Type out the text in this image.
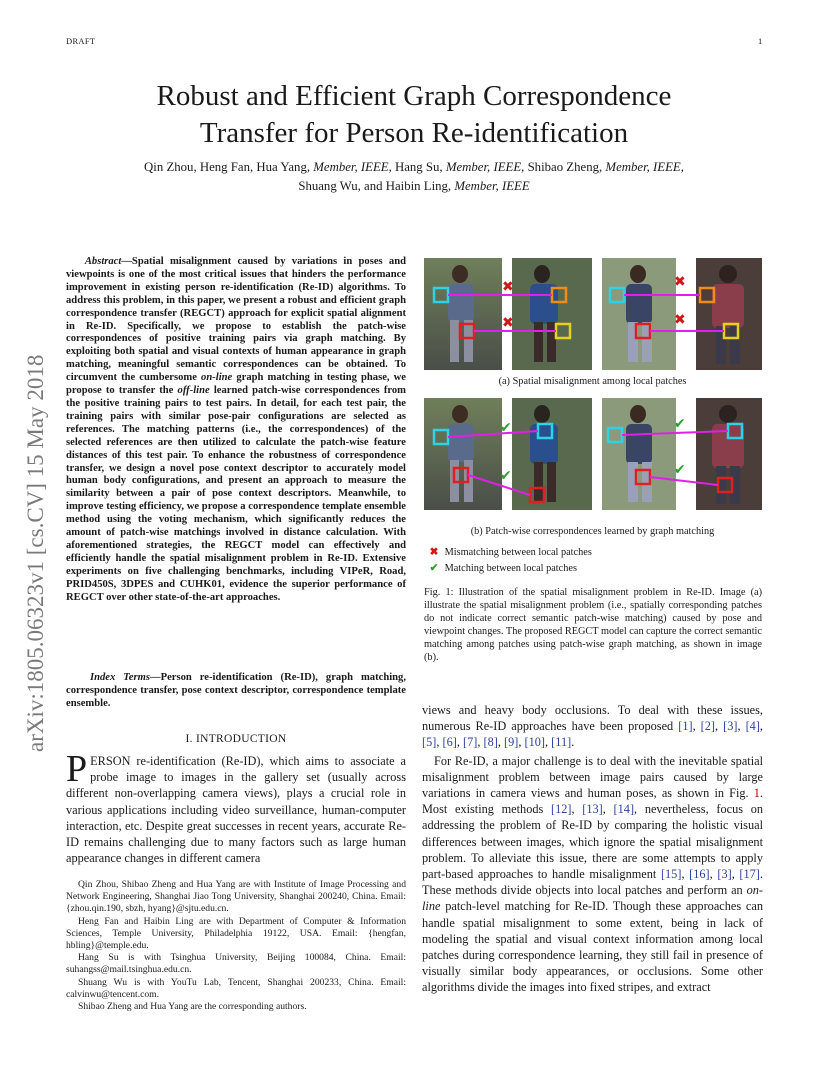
DRAFT	1
arXiv:1805.06323v1 [cs.CV] 15 May 2018
Robust and Efficient Graph Correspondence
Transfer for Person Re-identification
Qin Zhou, Heng Fan, Hua Yang, Member, IEEE, Hang Su, Member, IEEE, Shibao Zheng, Member, IEEE,
Shuang Wu, and Haibin Ling, Member, IEEE
Abstract—Spatial misalignment caused by variations in poses and viewpoints is one of the most critical issues that hinders the performance improvement in existing person re-identification (Re-ID) algorithms. To address this problem, in this paper, we present a robust and efficient graph correspondence transfer (REGCT) approach for explicit spatial alignment in Re-ID. Specifically, we propose to establish the patch-wise correspondences of positive training pairs via graph matching. By exploiting both spatial and visual contexts of human appearance in graph matching, meaningful semantic correspondences can be obtained. To circumvent the cumbersome on-line graph matching in testing phase, we propose to transfer the off-line learned patch-wise correspondences from the positive training pairs to test pairs. In detail, for each test pair, the training pairs with similar pose-pair configurations are selected as references. The matching patterns (i.e., the correspondences) of the selected references are then utilized to calculate the patch-wise feature distances of this test pair. To enhance the robustness of correspondence transfer, we design a novel pose context descriptor to accurately model human body configurations, and present an approach to measure the similarity between a pair of pose context descriptors. Meanwhile, to improve testing efficiency, we propose a correspondence template ensemble method using the voting mechanism, which significantly reduces the amount of patch-wise matchings involved in distance calculation. With aforementioned strategies, the REGCT model can effectively and efficiently handle the spatial misalignment problem in Re-ID. Extensive experiments on five challenging benchmarks, including VIPeR, Road, PRID450S, 3DPES and CUHK01, evidence the superior performance of REGCT over other state-of-the-art approaches.
Index Terms—Person re-identification (Re-ID), graph matching, correspondence transfer, pose context descriptor, correspondence template ensemble.
I. INTRODUCTION
PERSON re-identification (Re-ID), which aims to associate a probe image to images in the gallery set (usually across different non-overlapping camera views), plays a crucial role in various applications including video surveillance, human-computer interaction, etc. Despite great successes in recent years, accurate Re-ID remains challenging due to many factors such as large human appearance changes in different camera

Qin Zhou, Shibao Zheng and Hua Yang are with Institute of Image Processing and Network Engineering, Shanghai Jiao Tong University, Shanghai 200240, China. Email: {zhou.qin.190, sbzh, hyang}@sjtu.edu.cn.

Heng Fan and Haibin Ling are with Department of Computer & Information Sciences, Temple University, Philadelphia 19122, USA. Email: {hengfan, hbling}@temple.edu.

Hang Su is with Tsinghua University, Beijing 100084, China. Email: suhangss@mail.tsinghua.edu.cn.

Shuang Wu is with YouTu Lab, Tencent, Shanghai 200233, China. Email: calvinwu@tencent.com.

Shibao Zheng and Hua Yang are the corresponding authors.

✖
✖
✖
✖
(a) Spatial misalignment among local patches
✔
✔
✔
✔
(b) Patch-wise correspondences learned by graph matching
✖ Mismatching between local patches
✔ Matching between local patches
Fig. 1: Illustration of the spatial misalignment problem in Re-ID. Image (a) illustrate the spatial misalignment problem (i.e., spatially corresponding patches do not indicate correct semantic patch-wise matching) caused by pose and viewpoint changes. The proposed REGCT model can capture the correct semantic matching among patches using patch-wise graph matching, as shown in image (b).

views and heavy body occlusions. To deal with these issues, numerous Re-ID approaches have been proposed [1], [2], [3], [4], [5], [6], [7], [8], [9], [10], [11].

For Re-ID, a major challenge is to deal with the inevitable spatial misalignment problem between image pairs caused by large variations in camera views and human poses, as shown in Fig. 1. Most existing methods [12], [13], [14], nevertheless, focus on addressing the problem of Re-ID by comparing the holistic visual differences between images, which ignore the spatial misalignment problem. To alleviate this issue, there are some attempts to apply part-based approaches to handle misalignment [15], [16], [3], [17]. These methods divide objects into local patches and perform an on-line patch-level matching for Re-ID. Though these approaches can handle spatial misalignment to some extent, being in lack of modeling the spatial and visual context information among local patches during correspondence learning, they still fail in presence of visually similar body appearances, or occlusions. Some other algorithms divide the images into fixed stripes, and extract
